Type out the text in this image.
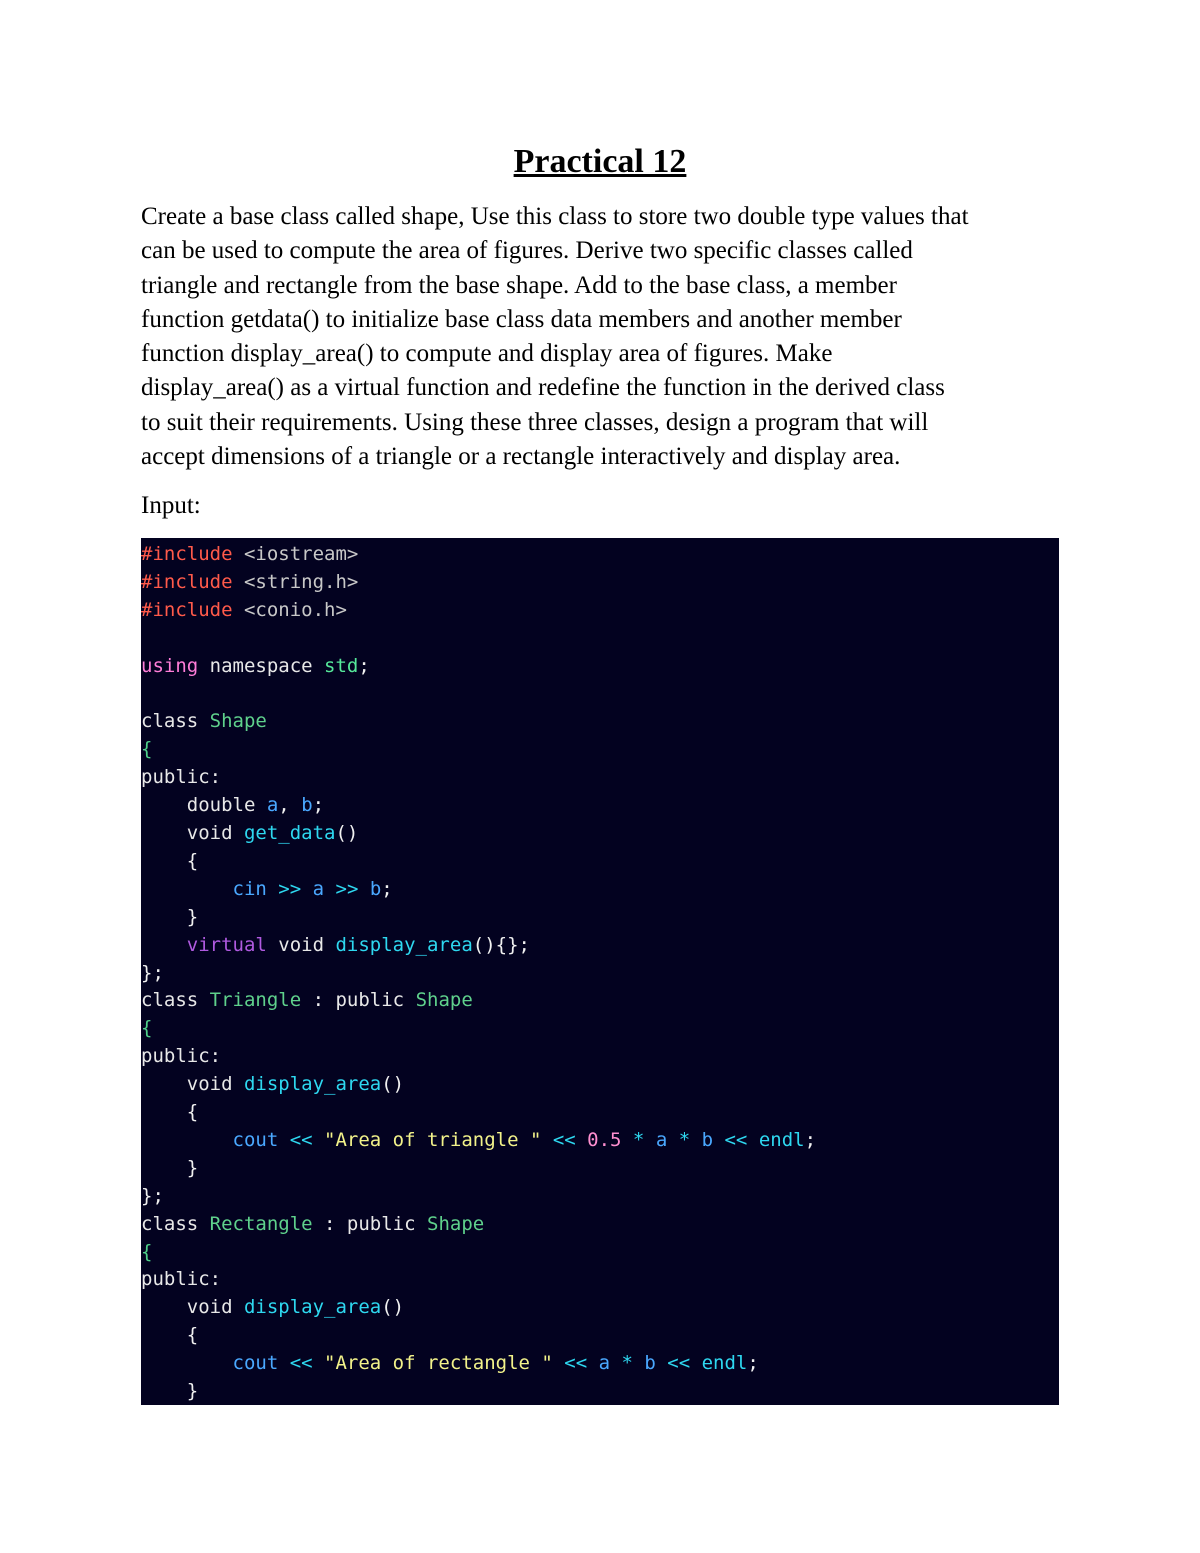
Practical 12
Create a base class called shape, Use this class to store two double type values that
can be used to compute the area of figures. Derive two specific classes called
triangle and rectangle from the base shape. Add to the base class, a member
function getdata() to initialize base class data members and another member
function display_area() to compute and display area of figures. Make
display_area() as a virtual function and redefine the function in the derived class
to suit their requirements. Using these three classes, design a program that will
accept dimensions of a triangle or a rectangle interactively and display area.
Input:
#include <iostream>
#include <string.h>
#include <conio.h>
using namespace std;
class Shape
{
public:
double a, b;
void get_data()
{
cin >> a >> b;
}
virtual void display_area(){};
};
class Triangle : public Shape
{
public:
void display_area()
{
cout << "Area of triangle " << 0.5 * a * b << endl;
}
};
class Rectangle : public Shape
{
public:
void display_area()
{
cout << "Area of rectangle " << a * b << endl;
}
